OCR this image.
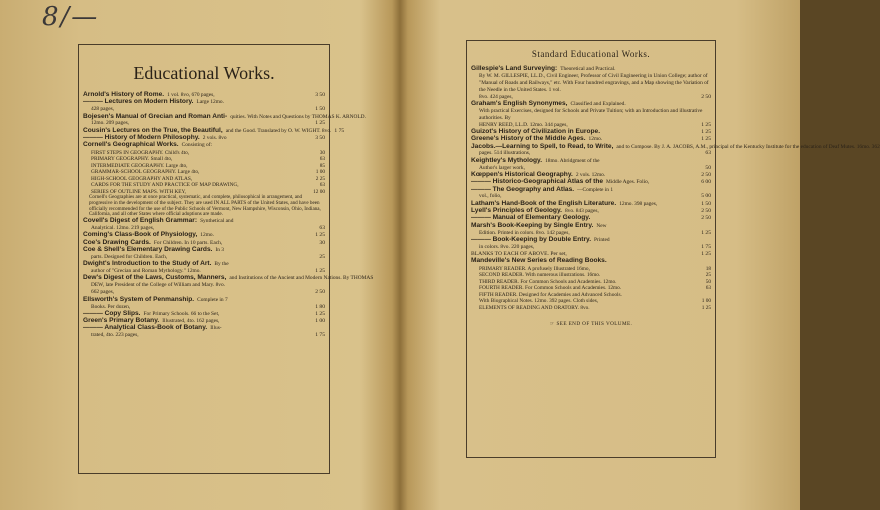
8/—
Educational Works.
Arnold's History of Rome. 1 vol. 8vo, 670 pages,	3 50
——— Lectures on Modern History. Large 12mo.
428 pages,	1 50
Bojesen's Manual of Grecian and Roman Anti- quities. With Notes and Questions by THOMAS K. ARNOLD.
12mo. 209 pages,	1 25
Cousin's Lectures on the True, the Beautiful, and the Good. Translated by O. W. WIGHT. 8vo. 1 75
——— History of Modern Philosophy. 2 vols. 8vo	3 50
Cornell's Geographical Works. Consisting of:
FIRST STEPS IN GEOGRAPHY. Child's 4to,	30
PRIMARY GEOGRAPHY. Small 4to,	63
INTERMEDIATE GEOGRAPHY. Large 4to,	85
GRAMMAR-SCHOOL GEOGRAPHY. Large 4to,	1 00
HIGH-SCHOOL GEOGRAPHY AND ATLAS,	2 25
CARDS FOR THE STUDY AND PRACTICE OF MAP DRAWING,	63
SERIES OF OUTLINE MAPS. WITH KEY,	12 00
Cornell's Geographies are at once practical, systematic, and complete, philosophical in arrangement, and progressive in the development of the subject. They are used IN ALL PARTS of the United States, and have been officially recommended for the use of the Public Schools of Vermont, New Hampshire, Wisconsin, Ohio, Indiana, California, and all other States where official adoptions are made.
Covell's Digest of English Grammar: Synthetical and
Analytical. 12mo. 219 pages,	63
Coming's Class-Book of Physiology, 12mo.	1 25
Coe's Drawing Cards. For Children. In 10 parts. Each,	30
Coe & Shell's Elementary Drawing Cards. In 3
parts. Designed for Children. Each,	25
Dwight's Introduction to the Study of Art. By the
author of "Grecian and Roman Mythology." 12mo.	1 25
Dew's Digest of the Laws, Customs, Manners, and Institutions of the Ancient and Modern Nations. By THOMAS
DEW, late President of the College of William and Mary. 8vo.
662 pages,	2 50
Ellsworth's System of Penmanship. Complete in 7
Books. Per dozen,	1 80
——— Copy Slips. For Primary Schools. 66 to the Set,	1 25
Green's Primary Botany. Illustrated, 4to. 162 pages,	1 00
——— Analytical Class-Book of Botany. Illus-
trated, 4to. 223 pages,	1 75
Standard Educational Works.
Gillespie's Land Surveying: Theoretical and Practical.
By W. M. GILLESPIE, LL.D., Civil Engineer, Professor of Civil Engineering in Union College; author of "Manual of Roads and Railways," etc. With Four hundred engravings, and a Map showing the Variation of the Needle in the United States. 1 vol.
8vo. 424 pages,	2 50
Graham's English Synonymes, Classified and Explained.
With practical Exercises, designed for Schools and Private Tuition; with an Introduction and illustrative authorities. By
HENRY REED, LL.D. 12mo. 344 pages,	1 25
Guizot's History of Civilization in Europe.	1 25
Greene's History of the Middle Ages. 12mo.	1 25
Jacobs.—Learning to Spell, to Read, to Write, and to Compose. By J. A. JACOBS, A.M., principal of the Kentucky Institute for the education of Deaf Mutes. 16mo. 362
pages. 514 illustrations,	63
Keightley's Mythology. 18mo. Abridgment of the
Author's larger work,	50
Kœppen's Historical Geography. 2 vols. 12mo.	2 50
——— Historico-Geographical Atlas of the Middle Ages. Folio,	6 00
——— The Geography and Atlas. —Complete in 1
vol., folio,	5 00
Latham's Hand-Book of the English Literature. 12mo. 398 pages,	1 50
Lyell's Principles of Geology. 8vo. 843 pages,	2 50
——— Manual of Elementary Geology.	2 50
Marsh's Book-Keeping by Single Entry. New
Edition. Printed in colors. 8vo. 142 pages,	1 25
——— Book-Keeping by Double Entry. Printed
in colors. 8vo. 220 pages,	1 75
BLANKS TO EACH OF ABOVE. Per set,	1 25
Mandeville's New Series of Reading Books.
PRIMARY READER. A profusely Illustrated 16mo,	18
SECOND READER. With numerous illustrations. 16mo.	25
THIRD READER. For Common Schools and Academies. 12mo.	50
FOURTH READER. For Common Schools and Academies. 12mo.	63
FIFTH READER. Designed for Academies and Advanced Schools.
With Biographical Notes. 12mo. 392 pages. Cloth sides,	1 00
ELEMENTS OF READING AND ORATORY. 8vo.	1 25
☞ SEE END OF THIS VOLUME.
